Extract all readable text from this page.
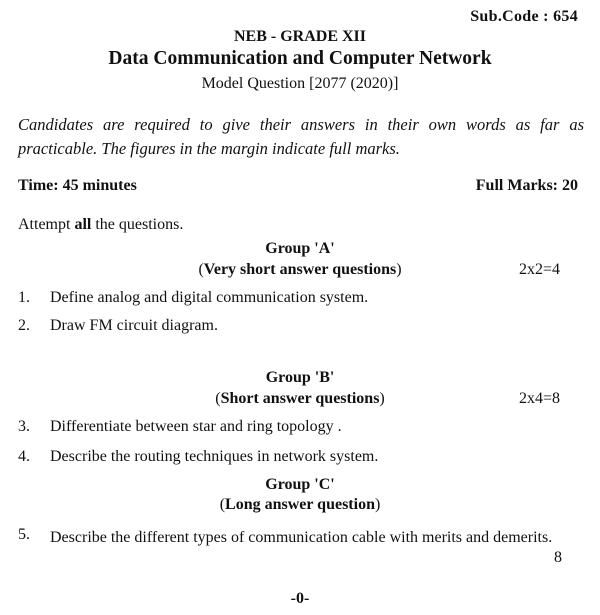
Sub.Code : 654
NEB - GRADE XII
Data Communication and Computer Network
Model Question [2077 (2020)]
Candidates are required to give their answers in their own words as far as practicable. The figures in the margin indicate full marks.
Time: 45 minutes	Full Marks: 20
Attempt all the questions.
Group 'A'
(Very short answer questions)	2x2=4
1. Define analog and digital communication system.
2. Draw FM circuit diagram.
Group 'B'
(Short answer questions)	2x4=8
3. Differentiate between star and ring topology .
4. Describe the routing techniques in network system.
Group 'C'
(Long answer question)
5. Describe the different types of communication cable with merits and demerits.
8
-0-
